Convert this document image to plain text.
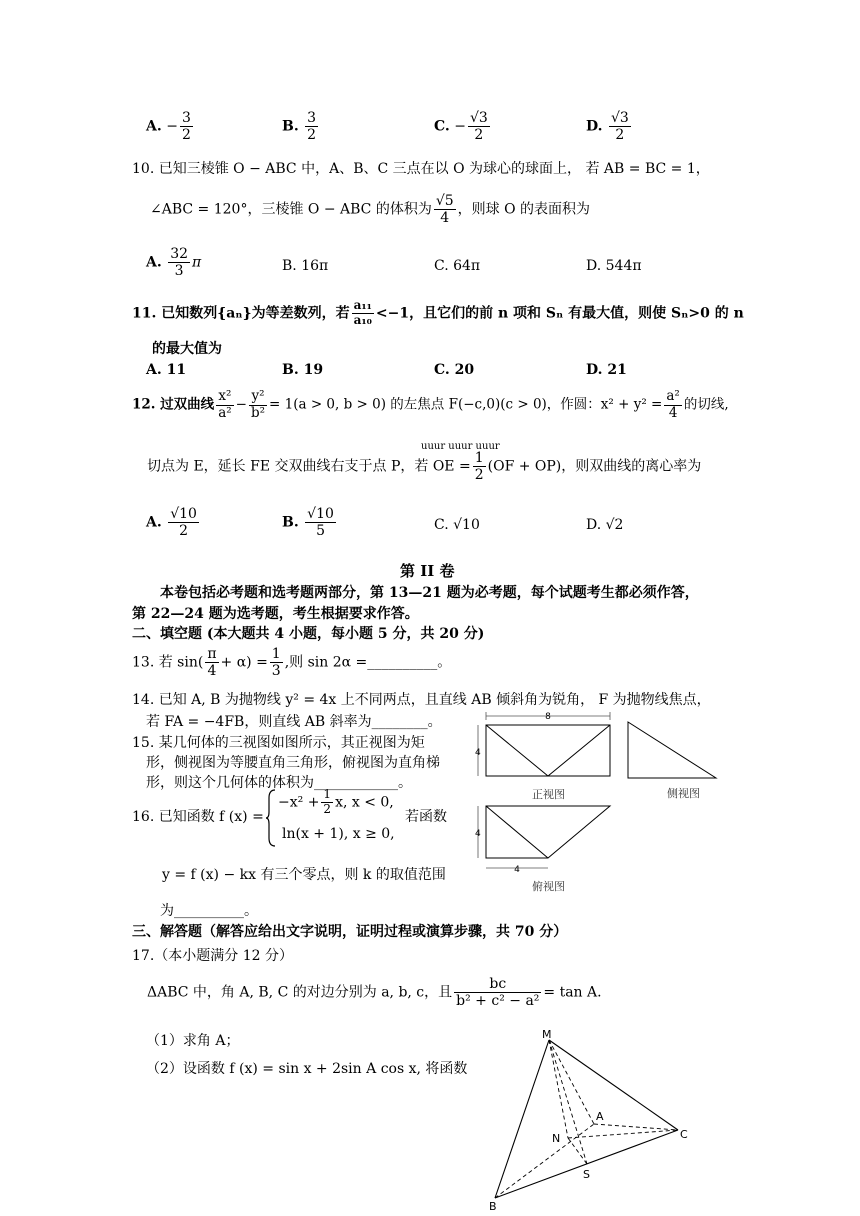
A. − $\frac{3}{2}$	B. $\frac{3}{2}$	C. − $\frac{√3}{2}$	D. $\frac{√3}{2}$
10. 已知三棱锥 O − ABC 中，A、B、C 三点在以 O 为球心的球面上， 若 AB = BC = 1，
∠ABC = 120°，三棱锥 O − ABC 的体积为 $\frac{√5}{4}$ ，则球 O 的表面积为
A. $\frac{32}{3}$ π	B. 16π	C. 64π	D. 544π
11. 已知数列{aₙ}为等差数列，若 $\frac{\text{a₁₁}}{\text{a₁₀}} <-1$，且它们的前 n 项和 Sₙ 有最大值，则使 Sₙ>0 的 n
的最大值为
A. 11	B. 19	C. 20	D. 21
12. 过双曲线 $\frac{\text{x²}}{\text{a²}} - \frac{\text{y²}}{\text{b²}} = 1(a > 0$, b > 0) 的左焦点 F(−c,0)(c > 0)，作圆：$x^2 + y^2 = \frac{\text{a²}}{4}$ 的切线,
uuur uuur uuur
切点为 E，延长 FE 交双曲线右支于点 P，若 OE = $\frac{1}{2} (OF + OP)$，则双曲线的离心率为
A. $\frac{√10}{2}$	B. $\frac{√10}{5}$	C. √10	D. √2
第 II 卷
本卷包括必考题和选考题两部分，第 13—21 题为必考题，每个试题考生都必须作答，
第 22—24 题为选考题，考生根据要求作答。
二、填空题 (本大题共 4 小题，每小题 5 分，共 20 分)
13. 若 $\sin( \frac{\pi}{4} + \alpha) = \frac{1}{3}$ ,则 sin 2α =__________。
14. 已知 A, B 为抛物线 y² = 4x 上不同两点，且直线 AB 倾斜角为锐角， F 为抛物线焦点，
若 FA = −4FB，则直线 AB 斜率为________。
15. 某几何体的三视图如图所示，其正视图为矩
形，侧视图为等腰直角三角形，俯视图为直角梯
形，则这个几何体的体积为____________。
16. 已知函数 f (x) =
$-x^2 + \frac{1}{2} x$, x < 0,
ln(x + 1), x ≥ 0,
若函数
y = f (x) − kx 有三个零点，则 k 的取值范围
为__________。
三、解答题（解答应给出文字说明，证明过程或演算步骤，共 70 分）
17.（本小题满分 12 分）
ΔABC 中，角 A, B, C 的对边分别为 a, b, c，且 $\frac{bc}{\text{b² + c² − a²}} = \tan A$.
（1）求角 A；
（2）设函数 f (x) = sin x + 2sin A cos x, 将函数
8
4
正视图	侧视图
4
4
俯视图
M
A
N	C
S
B
